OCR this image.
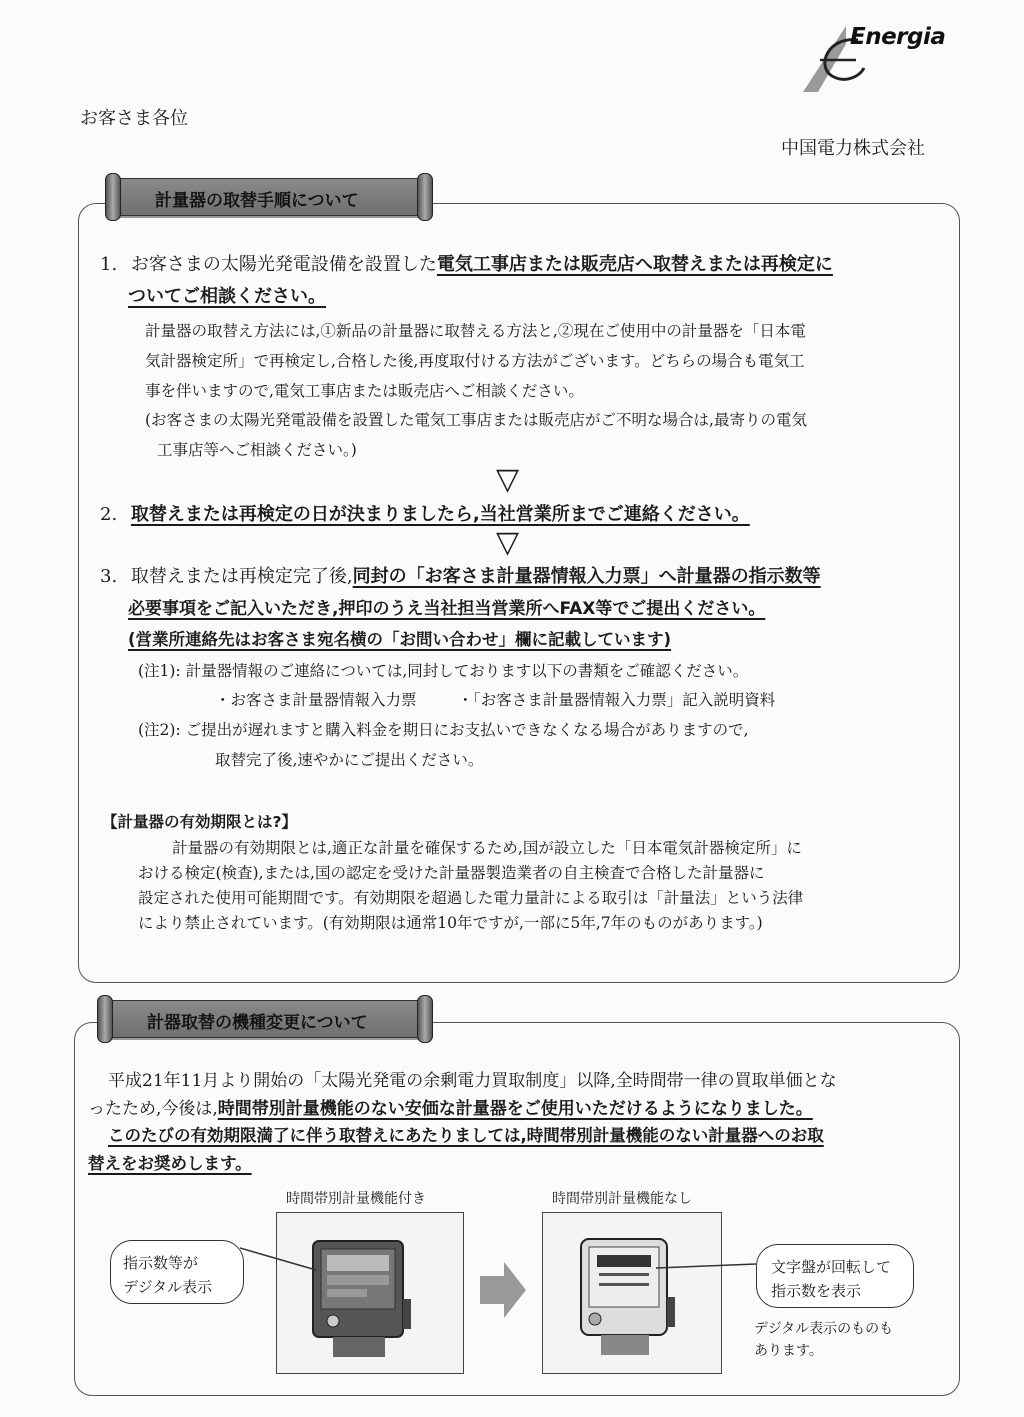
Energia
お客さま各位
中国電力株式会社
計量器の取替手順について
1. お客さまの太陽光発電設備を設置した電気工事店または販売店へ取替えまたは再検定に
ついてご相談ください。
計量器の取替え方法には,①新品の計量器に取替える方法と,②現在ご使用中の計量器を「日本電
気計器検定所」で再検定し,合格した後,再度取付ける方法がございます。どちらの場合も電気工
事を伴いますので,電気工事店または販売店へご相談ください。
(お客さまの太陽光発電設備を設置した電気工事店または販売店がご不明な場合は,最寄りの電気
工事店等へご相談ください。)
▽
2. 取替えまたは再検定の日が決まりましたら,当社営業所までご連絡ください。
▽
3. 取替えまたは再検定完了後,同封の「お客さま計量器情報入力票」へ計量器の指示数等
必要事項をご記入いただき,押印のうえ当社担当営業所へFAX等でご提出ください。
(営業所連絡先はお客さま宛名横の「お問い合わせ」欄に記載しています)
(注1): 計量器情報のご連絡については,同封しております以下の書類をご確認ください。
・お客さま計量器情報入力票	・「お客さま計量器情報入力票」記入説明資料
(注2): ご提出が遅れますと購入料金を期日にお支払いできなくなる場合がありますので,
取替完了後,速やかにご提出ください。
【計量器の有効期限とは?】
計量器の有効期限とは,適正な計量を確保するため,国が設立した「日本電気計器検定所」に
おける検定(検査),または,国の認定を受けた計量器製造業者の自主検査で合格した計量器に
設定された使用可能期間です。有効期限を超過した電力量計による取引は「計量法」という法律
により禁止されています。(有効期限は通常10年ですが,一部に5年,7年のものがあります。)
計器取替の機種変更について
平成21年11月より開始の「太陽光発電の余剰電力買取制度」以降,全時間帯一律の買取単価とな
ったため,今後は,時間帯別計量機能のない安価な計量器をご使用いただけるようになりました。
このたびの有効期限満了に伴う取替えにあたりましては,時間帯別計量機能のない計量器へのお取
替えをお奨めします。
時間帯別計量機能付き	時間帯別計量機能なし
指示数等が
デジタル表示
文字盤が回転して
指示数を表示
デジタル表示のものも
あります。
